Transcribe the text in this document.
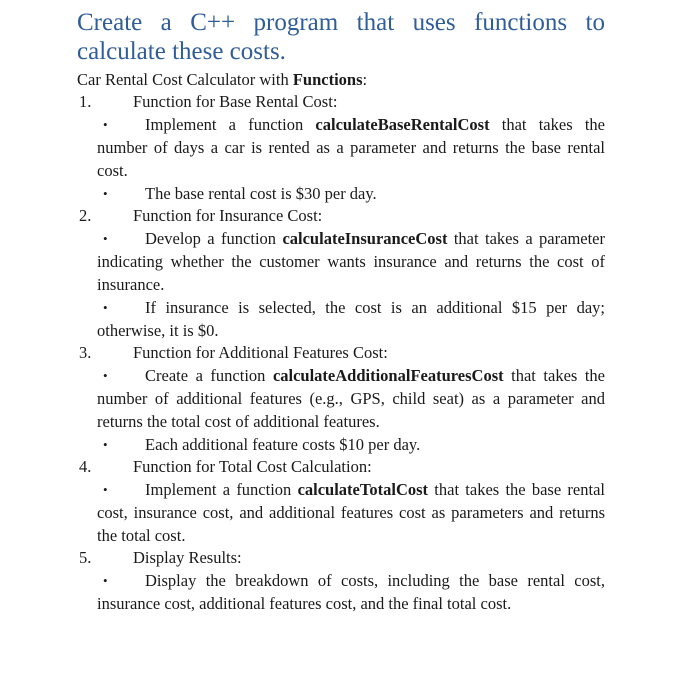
Create a C++ program that uses functions to calculate these costs.

Car Rental Cost Calculator with Functions:

1.	Function for Base Rental Cost:
• Implement a function calculateBaseRentalCost that takes the number of days a car is rented as a parameter and returns the base rental cost.
• The base rental cost is $30 per day.
2.	Function for Insurance Cost:
• Develop a function calculateInsuranceCost that takes a parameter indicating whether the customer wants insurance and returns the cost of insurance.
• If insurance is selected, the cost is an additional $15 per day; otherwise, it is $0.
3.	Function for Additional Features Cost:
• Create a function calculateAdditionalFeaturesCost that takes the number of additional features (e.g., GPS, child seat) as a parameter and returns the total cost of additional features.
• Each additional feature costs $10 per day.
4.	Function for Total Cost Calculation:
• Implement a function calculateTotalCost that takes the base rental cost, insurance cost, and additional features cost as parameters and returns the total cost.
5.	Display Results:
• Display the breakdown of costs, including the base rental cost, insurance cost, additional features cost, and the final total cost.
